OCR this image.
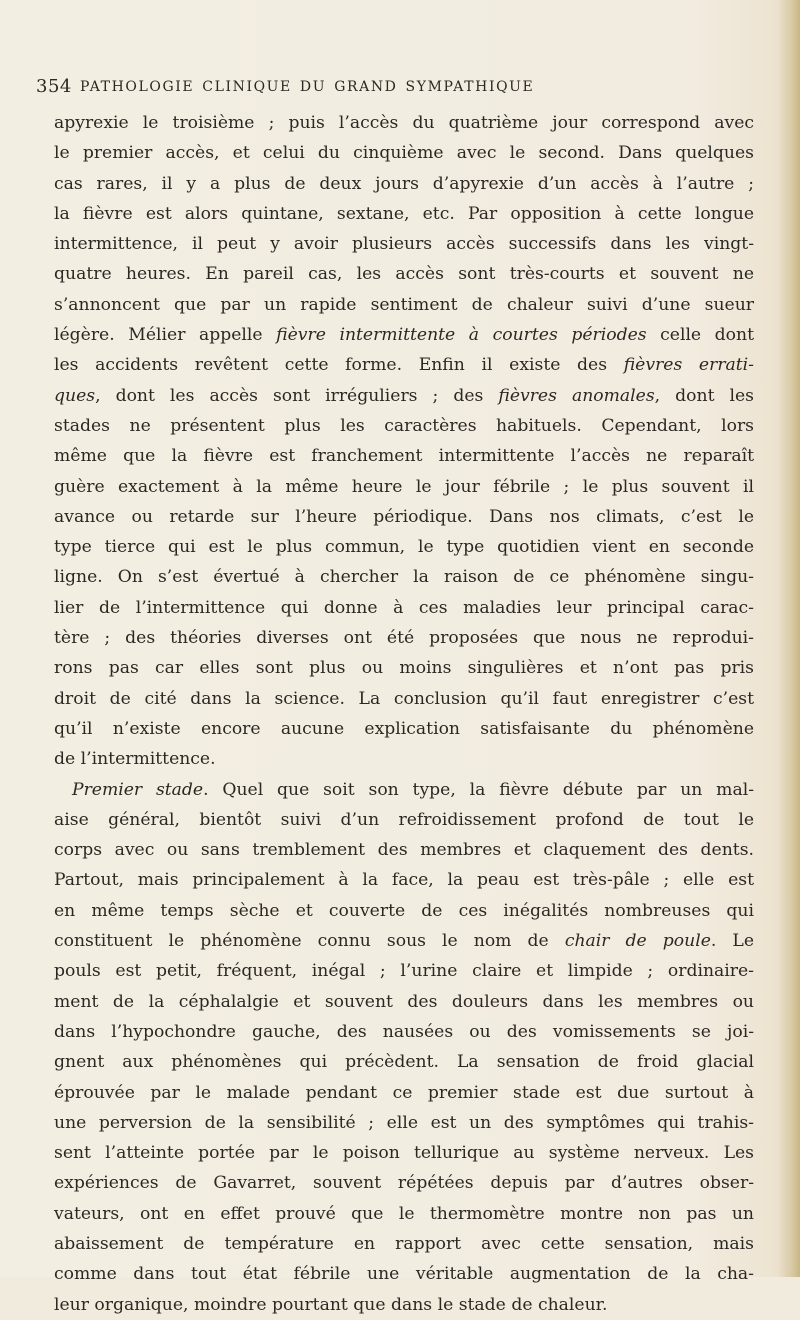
354 PATHOLOGIE CLINIQUE DU GRAND SYMPATHIQUE
apyrexie le troisième ; puis l’accès du quatrième jour correspond avec
le premier accès, et celui du cinquième avec le second. Dans quelques
cas rares, il y a plus de deux jours d’apyrexie d’un accès à l’autre ;
la fièvre est alors quintane, sextane, etc. Par opposition à cette longue
intermittence, il peut y avoir plusieurs accès successifs dans les vingt-
quatre heures. En pareil cas, les accès sont très-courts et souvent ne
s’annoncent que par un rapide sentiment de chaleur suivi d’une sueur
légère. Mélier appelle fièvre intermittente à courtes périodes celle dont
les accidents revêtent cette forme. Enfin il existe des fièvres errati-
ques, dont les accès sont irréguliers ; des fièvres anomales, dont les
stades ne présentent plus les caractères habituels. Cependant, lors
même que la fièvre est franchement intermittente l’accès ne reparaît
guère exactement à la même heure le jour fébrile ; le plus souvent il
avance ou retarde sur l’heure périodique. Dans nos climats, c’est le
type tierce qui est le plus commun, le type quotidien vient en seconde
ligne. On s’est évertué à chercher la raison de ce phénomène singu-
lier de l’intermittence qui donne à ces maladies leur principal carac-
tère ; des théories diverses ont été proposées que nous ne reprodui-
rons pas car elles sont plus ou moins singulières et n’ont pas pris
droit de cité dans la science. La conclusion qu’il faut enregistrer c’est
qu’il n’existe encore aucune explication satisfaisante du phénomène
de l’intermittence.
Premier stade. Quel que soit son type, la fièvre débute par un mal-
aise général, bientôt suivi d’un refroidissement profond de tout le
corps avec ou sans tremblement des membres et claquement des dents.
Partout, mais principalement à la face, la peau est très-pâle ; elle est
en même temps sèche et couverte de ces inégalités nombreuses qui
constituent le phénomène connu sous le nom de chair de poule. Le
pouls est petit, fréquent, inégal ; l’urine claire et limpide ; ordinaire-
ment de la céphalalgie et souvent des douleurs dans les membres ou
dans l’hypochondre gauche, des nausées ou des vomissements se joi-
gnent aux phénomènes qui précèdent. La sensation de froid glacial
éprouvée par le malade pendant ce premier stade est due surtout à
une perversion de la sensibilité ; elle est un des symptômes qui trahis-
sent l’atteinte portée par le poison tellurique au système nerveux. Les
expériences de Gavarret, souvent répétées depuis par d’autres obser-
vateurs, ont en effet prouvé que le thermomètre montre non pas un
abaissement de température en rapport avec cette sensation, mais
comme dans tout état fébrile une véritable augmentation de la cha-
leur organique, moindre pourtant que dans le stade de chaleur.
